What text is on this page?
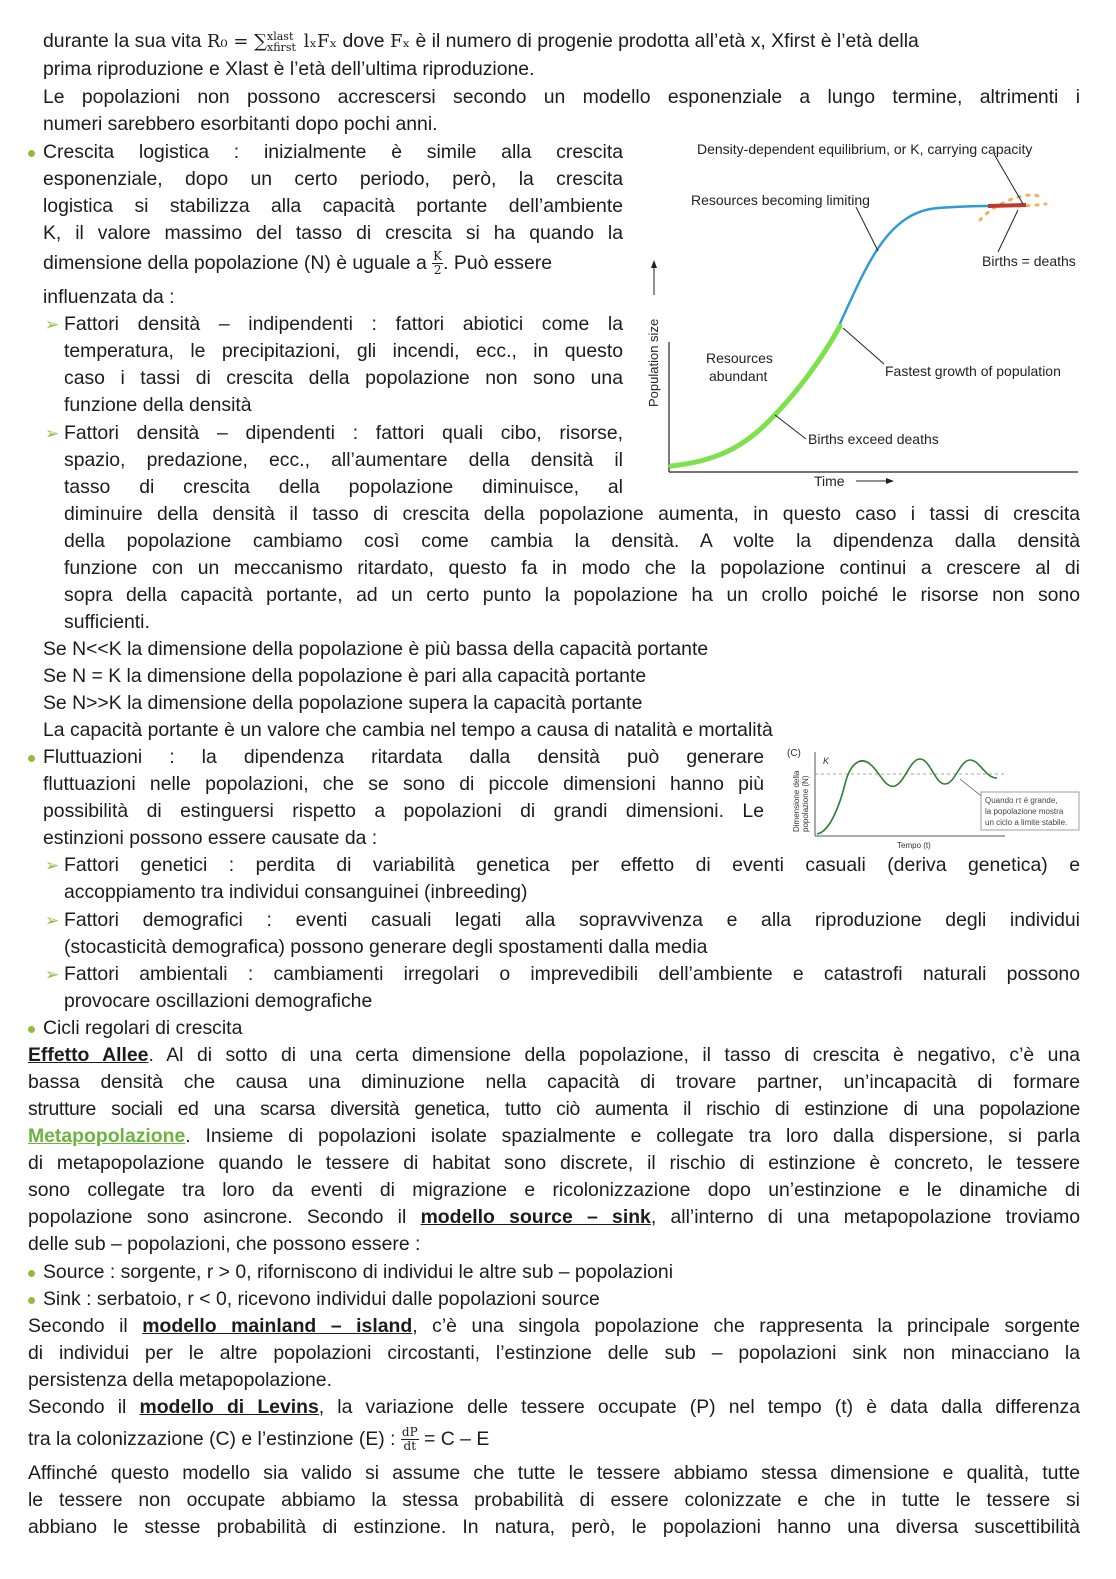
durante la sua vita R₀ = ∑ xlast
xfirst lₓFₓ dove Fₓ è il numero di progenie prodotta all’età x, Xfirst è l’età della
prima riproduzione e Xlast è l’età dell’ultima riproduzione.
Le popolazioni non possono accrescersi secondo un modello esponenziale a lungo termine, altrimenti i
numeri sarebbero esorbitanti dopo pochi anni.
Crescita logistica : inizialmente è simile alla crescita
esponenziale, dopo un certo periodo, però, la crescita
logistica si stabilizza alla capacità portante dell’ambiente
K, il valore massimo del tasso di crescita si ha quando la
dimensione della popolazione (N) è uguale a $\frac{K}{2}$ . Può essere
influenzata da :
➢ Fattori densità – indipendenti : fattori abiotici come la
temperatura, le precipitazioni, gli incendi, ecc., in questo
caso i tassi di crescita della popolazione non sono una
funzione della densità
➢ Fattori densità – dipendenti : fattori quali cibo, risorse,
spazio, predazione, ecc., all’aumentare della densità il
tasso di crescita della popolazione diminuisce, al
diminuire della densità il tasso di crescita della popolazione aumenta, in questo caso i tassi di crescita
della popolazione cambiamo così come cambia la densità. A volte la dipendenza dalla densità
funzione con un meccanismo ritardato, questo fa in modo che la popolazione continui a crescere al di
sopra della capacità portante, ad un certo punto la popolazione ha un crollo poiché le risorse non sono
sufficienti.
Se N<<K la dimensione della popolazione è più bassa della capacità portante
Se N = K la dimensione della popolazione è pari alla capacità portante
Se N>>K la dimensione della popolazione supera la capacità portante
La capacità portante è un valore che cambia nel tempo a causa di natalità e mortalità
Population size
Time
Density-dependent equilibrium, or K, carrying capacity
Resources becoming limiting
Births = deaths
Resources
abundant	Fastest growth of population
Births exceed deaths
Fluttuazioni : la dipendenza ritardata dalla densità può generare
fluttuazioni nelle popolazioni, che se sono di piccole dimensioni hanno più
possibilità di estinguersi rispetto a popolazioni di grandi dimensioni. Le
estinzioni possono essere causate da :
(C)
Dimensione della popolazione (N)
K
Quando rτ è grande,
la popolazione mostra
un ciclo a limite stabile.
Tempo (t)
➢ Fattori genetici : perdita di variabilità genetica per effetto di eventi casuali (deriva genetica) e
accoppiamento tra individui consanguinei (inbreeding)
➢ Fattori demografici : eventi casuali legati alla sopravvivenza e alla riproduzione degli individui
(stocasticità demografica) possono generare degli spostamenti dalla media
➢ Fattori ambientali : cambiamenti irregolari o imprevedibili dell’ambiente e catastrofi naturali possono
provocare oscillazioni demografiche
Cicli regolari di crescita
Effetto Allee. Al di sotto di una certa dimensione della popolazione, il tasso di crescita è negativo, c’è una
bassa densità che causa una diminuzione nella capacità di trovare partner, un’incapacità di formare
strutture sociali ed una scarsa diversità genetica, tutto ciò aumenta il rischio di estinzione di una popolazione
Metapopolazione. Insieme di popolazioni isolate spazialmente e collegate tra loro dalla dispersione, si parla
di metapopolazione quando le tessere di habitat sono discrete, il rischio di estinzione è concreto, le tessere
sono collegate tra loro da eventi di migrazione e ricolonizzazione dopo un’estinzione e le dinamiche di
popolazione sono asincrone. Secondo il modello source – sink, all’interno di una metapopolazione troviamo
delle sub – popolazioni, che possono essere :
Source : sorgente, r > 0, riforniscono di individui le altre sub – popolazioni
Sink : serbatoio, r < 0, ricevono individui dalle popolazioni source
Secondo il modello mainland – island, c’è una singola popolazione che rappresenta la principale sorgente
di individui per le altre popolazioni circostanti, l’estinzione delle sub – popolazioni sink non minacciano la
persistenza della metapopolazione.
Secondo il modello di Levins, la variazione delle tessere occupate (P) nel tempo (t) è data dalla differenza
tra la colonizzazione (C) e l’estinzione (E) : $\frac{dP}{dt} = C - E$
Affinché questo modello sia valido si assume che tutte le tessere abbiamo stessa dimensione e qualità, tutte
le tessere non occupate abbiamo la stessa probabilità di essere colonizzate e che in tutte le tessere si
abbiano le stesse probabilità di estinzione. In natura, però, le popolazioni hanno una diversa suscettibilità
